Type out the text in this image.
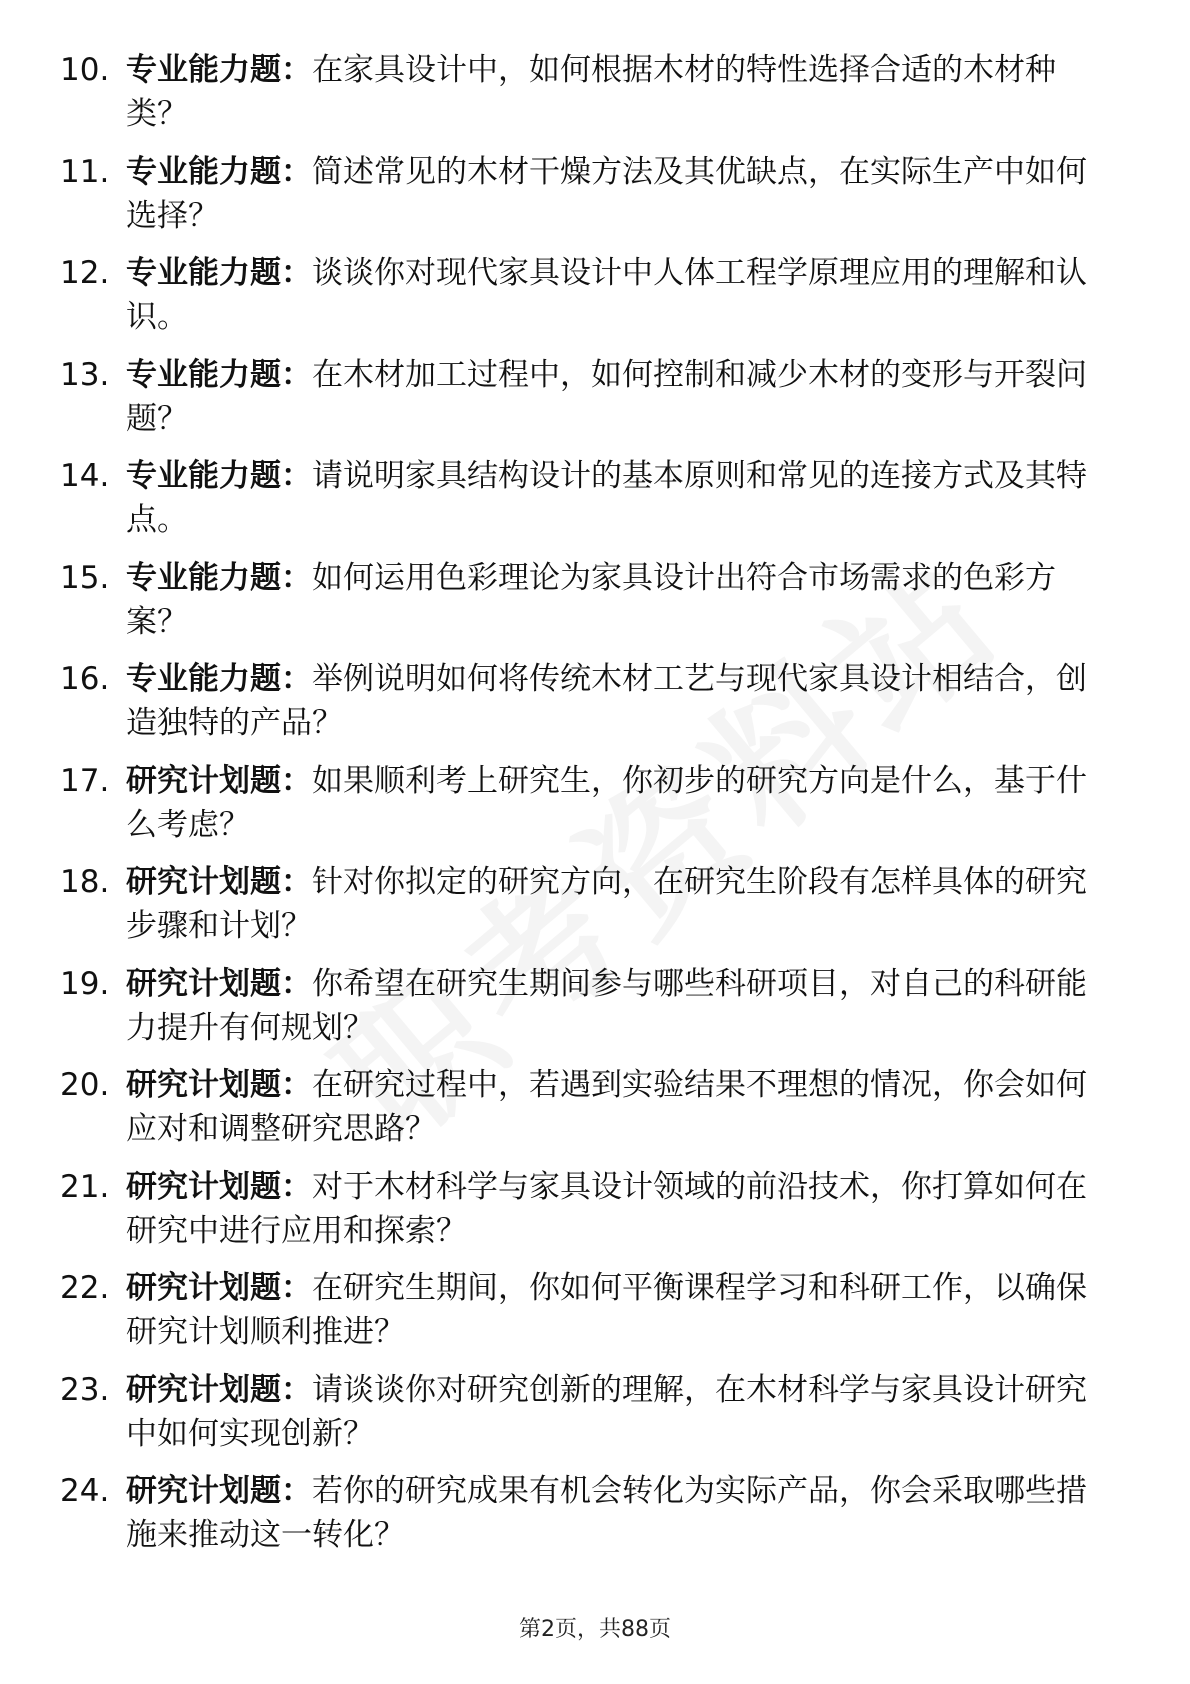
10. 专业能力题：在家具设计中，如何根据木材的特性选择合适的木材种类？
11. 专业能力题：简述常见的木材干燥方法及其优缺点，在实际生产中如何选择？
12. 专业能力题：谈谈你对现代家具设计中人体工程学原理应用的理解和认识。
13. 专业能力题：在木材加工过程中，如何控制和减少木材的变形与开裂问题？
14. 专业能力题：请说明家具结构设计的基本原则和常见的连接方式及其特点。
15. 专业能力题：如何运用色彩理论为家具设计出符合市场需求的色彩方案？
16. 专业能力题：举例说明如何将传统木材工艺与现代家具设计相结合，创造独特的产品？
17. 研究计划题：如果顺利考上研究生，你初步的研究方向是什么，基于什么考虑？
18. 研究计划题：针对你拟定的研究方向，在研究生阶段有怎样具体的研究步骤和计划？
19. 研究计划题：你希望在研究生期间参与哪些科研项目，对自己的科研能力提升有何规划？
20. 研究计划题：在研究过程中，若遇到实验结果不理想的情况，你会如何应对和调整研究思路？
21. 研究计划题：对于木材科学与家具设计领域的前沿技术，你打算如何在研究中进行应用和探索？
22. 研究计划题：在研究生期间，你如何平衡课程学习和科研工作，以确保研究计划顺利推进？
23. 研究计划题：请谈谈你对研究创新的理解，在木材科学与家具设计研究中如何实现创新？
24. 研究计划题：若你的研究成果有机会转化为实际产品，你会采取哪些措施来推动这一转化？
第2页，共88页
